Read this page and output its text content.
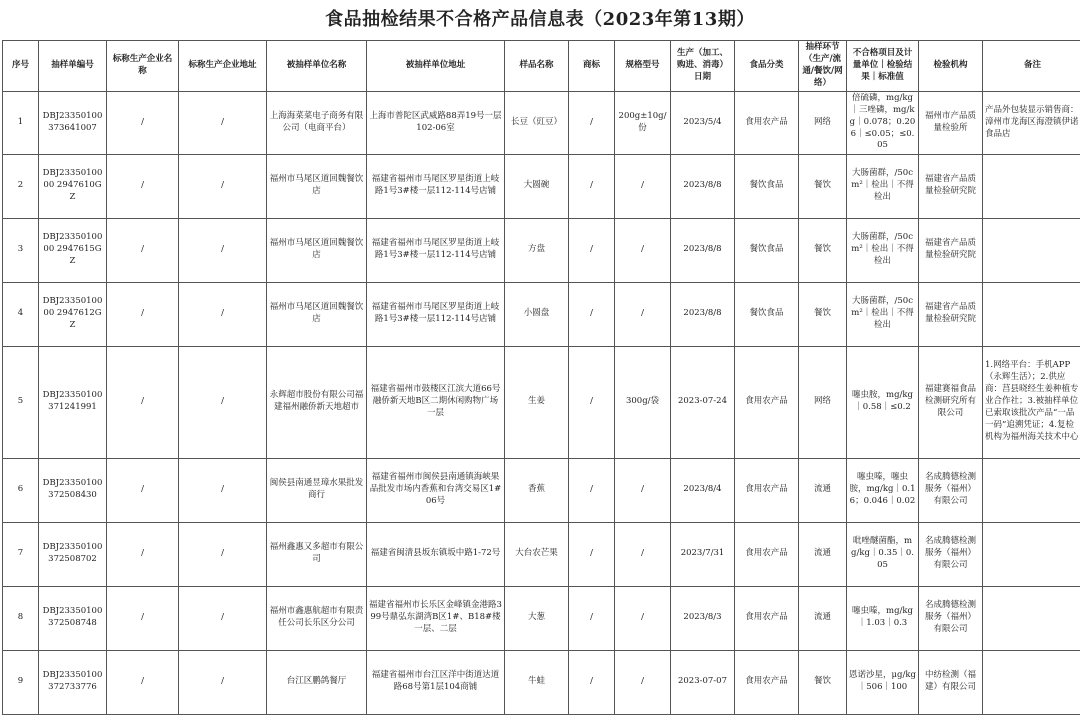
食品抽检结果不合格产品信息表（2023年第13期）
序号	抽样单编号	标称生产企业名称	标称生产企业地址	被抽样单位名称	被抽样单位地址	样品名称	商标	规格型号	生产（加工、购进、消毒）日期	食品分类	抽样环节（生产/流通/餐饮/网络）	不合格项目及计量单位｜检验结果｜标准值	检验机构	备注
1	DBJ23350100373641007	/	/	上海海菜菜电子商务有限公司（电商平台）	上海市普陀区武威路88弄19号一层102-06室	长豆（豇豆）	/	200g±10g/份	2023/5/4	食用农产品	网络	倍硫磷，mg/kg｜三唑磷，mg/kg｜0.078；0.206｜≤0.05；≤0.05	福州市产品质量检验所	产品外包装显示销售商：漳州市龙海区海澄镇伊诺食品店
2	DBJ2335010000 2947610GZ	/	/	福州市马尾区道回魏餐饮店	福建省福州市马尾区罗星街道上岐路1号3#楼一层112-114号店铺	大圆碗	/	/	2023/8/8	餐饮食品	餐饮	大肠菌群，/50cm²｜检出｜不得检出	福建省产品质量检验研究院	
3	DBJ2335010000 2947615GZ	/	/	福州市马尾区道回魏餐饮店	福建省福州市马尾区罗星街道上岐路1号3#楼一层112-114号店铺	方盘	/	/	2023/8/8	餐饮食品	餐饮	大肠菌群，/50cm²｜检出｜不得检出	福建省产品质量检验研究院	
4	DBJ2335010000 2947612GZ	/	/	福州市马尾区道回魏餐饮店	福建省福州市马尾区罗星街道上岐路1号3#楼一层112-114号店铺	小圆盘	/	/	2023/8/8	餐饮食品	餐饮	大肠菌群，/50cm²｜检出｜不得检出	福建省产品质量检验研究院	
5	DBJ23350100371241991	/	/	永辉超市股份有限公司福建福州融侨新天地超市	福建省福州市鼓楼区江滨大道66号融侨新天地B区二期休闲购物广场一层	生姜	/	300g/袋	2023-07-24	食用农产品	网络	噻虫胺，mg/kg｜0.58｜≤0.2	福建赛福食品检测研究所有限公司	1.网络平台：手机APP（永辉生活）；2.供应商：莒县晓经生姜种植专业合作社；3.被抽样单位已索取该批次产品“一品一码”追溯凭证；4.复检机构为福州海关技术中心
6	DBJ23350100372508430	/	/	闽侯县南通昱璋水果批发商行	福建省福州市闽侯县南通镇海峡果品批发市场内香蕉和台湾交易区1#06号	香蕉	/	/	2023/8/4	食用农产品	流通	噻虫嗪，噻虫胺，mg/kg｜0.16；0.046｜0.02	名成腾德检测服务（福州）有限公司	
7	DBJ23350100372508702	/	/	福州鑫惠又多超市有限公司	福建省闽清县坂东镇坂中路1-72号	大台农芒果	/	/	2023/7/31	食用农产品	流通	吡唑醚菌酯，mg/kg｜0.35｜0.05	名成腾德检测服务（福州）有限公司	
8	DBJ23350100372508748	/	/	福州市鑫惠航超市有限责任公司长乐区分公司	福建省福州市长乐区金峰镇金港路399号鼎弘东湖湾B区1#、B18#楼一层、二层	大葱	/	/	2023/8/3	食用农产品	流通	噻虫嗪，mg/kg｜1.03｜0.3	名成腾德检测服务（福州）有限公司	
9	DBJ23350100372733776	/	/	台江区鹏鸽餐厅	福建省福州市台江区洋中街道达道路68号第1层104商铺	牛蛙	/	/	2023-07-07	食用农产品	餐饮	恩诺沙星，μg/kg｜506｜100	中纺检测（福建）有限公司	
